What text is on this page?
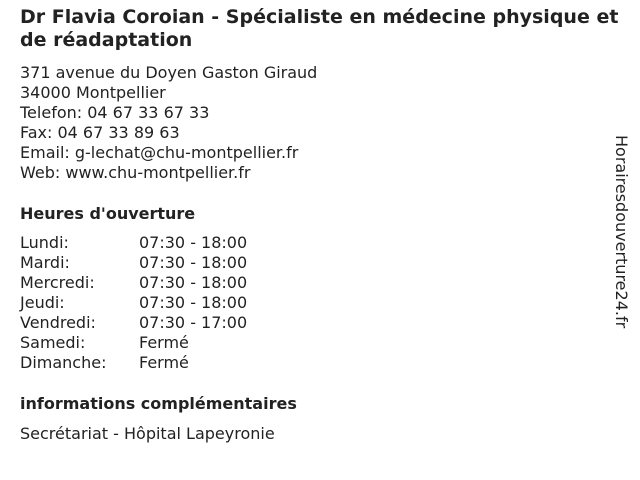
Dr Flavia Coroian - Spécialiste en médecine physique et de réadaptation
371 avenue du Doyen Gaston Giraud
34000 Montpellier
Telefon: 04 67 33 67 33
Fax: 04 67 33 89 63
Email: g-lechat@chu-montpellier.fr
Web: www.chu-montpellier.fr
Heures d'ouverture
Lundi:	07:30 - 18:00
Mardi:	07:30 - 18:00
Mercredi:	07:30 - 18:00
Jeudi:	07:30 - 18:00
Vendredi:	07:30 - 17:00
Samedi:	Fermé
Dimanche:	Fermé
informations complémentaires
Secrétariat - Hôpital Lapeyronie
Horairesdouverture24.fr
